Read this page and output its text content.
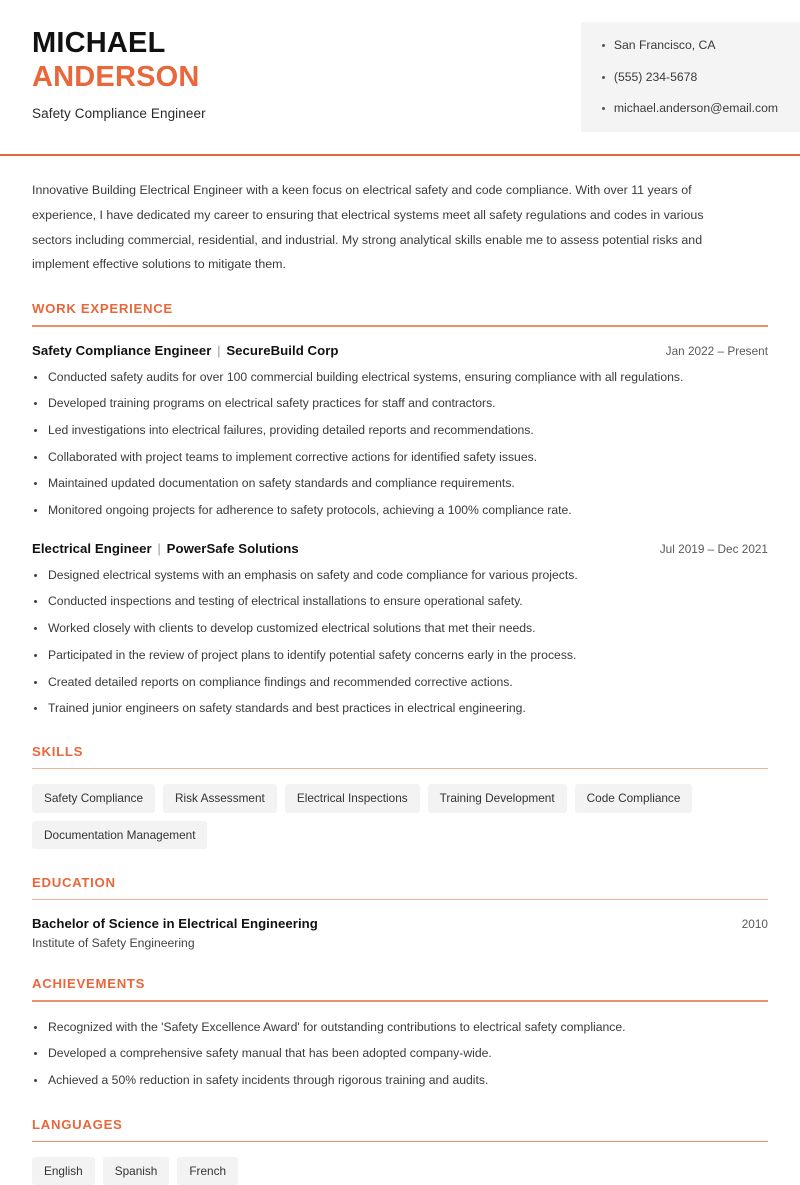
MICHAEL
ANDERSON
Safety Compliance Engineer
San Francisco, CA
(555) 234-5678
michael.anderson@email.com

Innovative Building Electrical Engineer with a keen focus on electrical safety and code compliance. With over 11 years of experience, I have dedicated my career to ensuring that electrical systems meet all safety regulations and codes in various sectors including commercial, residential, and industrial. My strong analytical skills enable me to assess potential risks and implement effective solutions to mitigate them.

WORK EXPERIENCE
Safety Compliance Engineer | SecureBuild Corp	Jan 2022 – Present
Conducted safety audits for over 100 commercial building electrical systems, ensuring compliance with all regulations.
Developed training programs on electrical safety practices for staff and contractors.
Led investigations into electrical failures, providing detailed reports and recommendations.
Collaborated with project teams to implement corrective actions for identified safety issues.
Maintained updated documentation on safety standards and compliance requirements.
Monitored ongoing projects for adherence to safety protocols, achieving a 100% compliance rate.
Electrical Engineer | PowerSafe Solutions	Jul 2019 – Dec 2021
Designed electrical systems with an emphasis on safety and code compliance for various projects.
Conducted inspections and testing of electrical installations to ensure operational safety.
Worked closely with clients to develop customized electrical solutions that met their needs.
Participated in the review of project plans to identify potential safety concerns early in the process.
Created detailed reports on compliance findings and recommended corrective actions.
Trained junior engineers on safety standards and best practices in electrical engineering.
SKILLS
Safety Compliance	Risk Assessment	Electrical Inspections	Training Development	Code Compliance
Documentation Management
EDUCATION
Bachelor of Science in Electrical Engineering	2010
Institute of Safety Engineering
ACHIEVEMENTS
Recognized with the 'Safety Excellence Award' for outstanding contributions to electrical safety compliance.
Developed a comprehensive safety manual that has been adopted company-wide.
Achieved a 50% reduction in safety incidents through rigorous training and audits.
LANGUAGES
English	Spanish	French
